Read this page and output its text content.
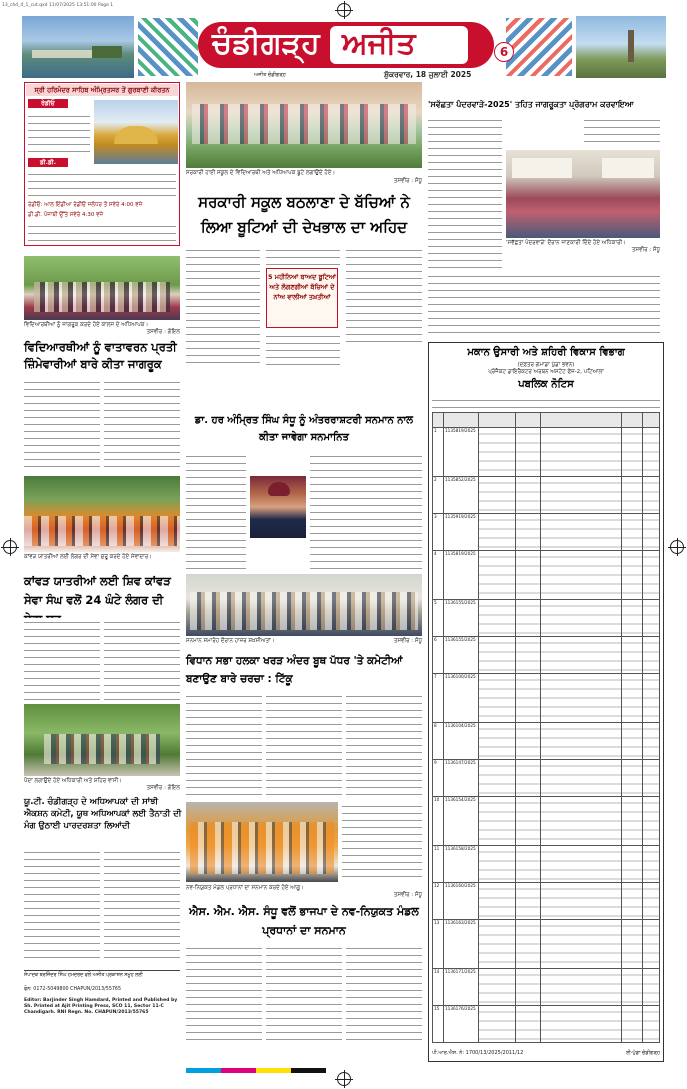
13_chd_4_1_cut.qxd 11/07/2025 13:51:00 Page 1
ਚੰਡੀਗੜ੍ਹ ਅਜੀਤ	6
ਅਜੀਤ ਚੰਡੀਗੜ੍ਹ	ਸ਼ੁੱਕਰਵਾਰ, 18 ਜੁਲਾਈ 2025
ਸ੍ਰੀ ਹਰਿਮੰਦਰ ਸਾਹਿਬ ਅੰਮ੍ਰਿਤਸਰ ਤੋਂ ਗੁਰਬਾਣੀ ਕੀਰਤਨ
ਰੇਡੀਓ
ਡੀ.ਡੀ.
ਰੇਡੀਓ: ਆਲ ਇੰਡੀਆ ਰੇਡੀਓ ਜਲੰਧਰ ਤੋਂ ਸਵੇਰੇ 4:00 ਵਜੇ
ਡੀ.ਡੀ. ਪੰਜਾਬੀ ਉੱਤੇ ਸਵੇਰੇ 4:30 ਵਜੇ
ਵਿਦਿਆਰਥੀਆਂ ਨੂੰ ਜਾਗਰੂਕ ਕਰਦੇ ਹੋਏ ਕਾਲਜ ਦੇ ਅਧਿਆਪਕ।
ਤਸਵੀਰ : ਗੋਇਲ
ਵਿਦਿਆਰਥੀਆਂ ਨੂੰ ਵਾਤਾਵਰਨ ਪ੍ਰਤੀ ਜ਼ਿੰਮੇਵਾਰੀਆਂ ਬਾਰੇ ਕੀਤਾ ਜਾਗਰੂਕ
ਕਾਂਵੜ ਯਾਤਰੀਆਂ ਲਈ ਲੰਗਰ ਦੀ ਸੇਵਾ ਸ਼ੁਰੂ ਕਰਦੇ ਹੋਏ ਸੇਵਾਦਾਰ।
ਕਾਂਵੜ ਯਾਤਰੀਆਂ ਲਈ ਸ਼ਿਵ ਕਾਂਵੜ ਸੇਵਾ ਸੰਘ ਵਲੋਂ 24 ਘੰਟੇ ਲੰਗਰ ਦੀ
ਪੌਦਾ ਲਗਾਉਂਦੇ ਹੋਏ ਅਧਿਕਾਰੀ ਅਤੇ ਸ਼ਹਿਰ ਵਾਸੀ।
ਤਸਵੀਰ : ਗੋਇਲ
ਯੂ.ਟੀ. ਚੰਡੀਗੜ੍ਹ ਦੇ ਅਧਿਆਪਕਾਂ ਦੀ ਸਾਂਝੀ ਐਕਸ਼ਨ ਕਮੇਟੀ, ਯੂਥ ਅਧਿਆਪਕਾਂ ਲਈ ਤੈਨਾਤੀ ਦੀ ਮੰਗ ਉਠਾਈ ਪਾਰਦਰਸ਼ਤਾ ਲਿਆਂਦੀ
ਸੰਪਾਦਕ ਬਰਜਿੰਦਰ ਸਿੰਘ ਹਮਦਰਦ ਵਲੋਂ ਅਜੀਤ ਪ੍ਰਕਾਸ਼ਨ ਸਮੂਹ ਲਈ
ਫੋਨ: 0172-5049800 CHAPUN/2013/55765
Editor: Barjinder Singh Hamdard, Printed and Published by Sh. Printed at Ajit Printing Press, SCO 11, Sector 11-C Chandigarh. RNI Regn. No. CHAPUN/2013/55765
ਸਰਕਾਰੀ ਹਾਈ ਸਕੂਲ ਦੇ ਵਿਦਿਆਰਥੀ ਅਤੇ ਅਧਿਆਪਕ ਬੂਟੇ ਲਗਾਉਂਦੇ ਹੋਏ।
ਤਸਵੀਰ : ਸੰਧੂ
ਸਰਕਾਰੀ ਸਕੂਲ ਬਠਲਾਣਾ ਦੇ ਬੱਚਿਆਂ ਨੇ ਲਿਆ ਬੂਟਿਆਂ ਦੀ ਦੇਖਭਾਲ ਦਾ ਅਹਿਦ
5 ਮਹੀਨਿਆਂ ਬਾਅਦ ਬੂਟਿਆਂ ਅਤੇ ਲੱਗਣਗੀਆਂ ਬੱਚਿਆਂ ਦੇ ਨਾਂਅ ਵਾਲੀਆਂ ਤਖ਼ਤੀਆਂ
ਡਾ. ਹਰ ਅੰਮ੍ਰਿਤ ਸਿੰਘ ਸੰਧੂ ਨੂੰ ਅੰਤਰਰਾਸ਼ਟਰੀ ਸਨਮਾਨ ਨਾਲ ਕੀਤਾ ਜਾਵੇਗਾ ਸਨਮਾਨਿਤ
ਸਨਮਾਨ ਸਮਾਰੋਹ ਦੌਰਾਨ ਹਾਜ਼ਰ ਸ਼ਖ਼ਸੀਅਤਾਂ।	ਤਸਵੀਰ : ਸੰਧੂ
ਵਿਧਾਨ ਸਭਾ ਹਲਕਾ ਖਰੜ ਅੰਦਰ ਬੂਥ ਪੱਧਰ 'ਤੇ ਕਮੇਟੀਆਂ ਬਣਾਉਣ ਬਾਰੇ ਚਰਚਾ : ਟਿੱਕੂ
ਨਵ-ਨਿਯੁਕਤ ਮੰਡਲ ਪ੍ਰਧਾਨਾਂ ਦਾ ਸਨਮਾਨ ਕਰਦੇ ਹੋਏ ਆਗੂ।
ਤਸਵੀਰ : ਸੰਧੂ
ਐਸ. ਐਮ. ਐਸ. ਸੰਧੂ ਵਲੋਂ ਭਾਜਪਾ ਦੇ ਨਵ-ਨਿਯੁਕਤ ਮੰਡਲ ਪ੍ਰਧਾਨਾਂ ਦਾ ਸਨਮਾਨ
'ਸਵੱਛਤਾ ਪੰਦਰਵਾੜੇ-2025' ਤਹਿਤ ਜਾਗਰੂਕਤਾ ਪ੍ਰੋਗਰਾਮ ਕਰਵਾਇਆ
'ਸਵੱਛਤਾ ਪੰਦਰਵਾੜੇ' ਦੌਰਾਨ ਜਾਣਕਾਰੀ ਦਿੰਦੇ ਹੋਏ ਅਧਿਕਾਰੀ।
ਤਸਵੀਰ : ਸੰਧੂ
ਮਕਾਨ ਉਸਾਰੀ ਅਤੇ ਸ਼ਹਿਰੀ ਵਿਕਾਸ ਵਿਭਾਗ
(ਦਫ਼ਤਰ ਗਮਾਡਾ ਪੁੱਡਾ ਭਵਨ)
ਪ੍ਰੋਜੈਕਟ ਡਾਇਰੈਕਟਰ ਅਰਬਨ ਅਸਟੇਟ ਫੇਜ਼-2, ਪਟਿਆਲਾ
ਪਬਲਿਕ ਨੋਟਿਸ

1	1135819/2025					
2	1135852/2025					
3	1135919/2025					
4	1135819/2025					
5	1136155/2025					
6	1136155/2025					
7	1136100/2025					
8	1136104/2025					
9	1136147/2025					
10	1136154/2025					
11	1136158/2025					
12	1136160/2025					
13	1136163/2025					
14	1136171/2025					
15	1136176/2025					
ਪੀ.ਆਰ.ਐਸ. ਨੰ: 1700/13/2025/2011/12	ਈ-ਪੁੱਡਾ ਚੰਡੀਗੜ੍ਹ
